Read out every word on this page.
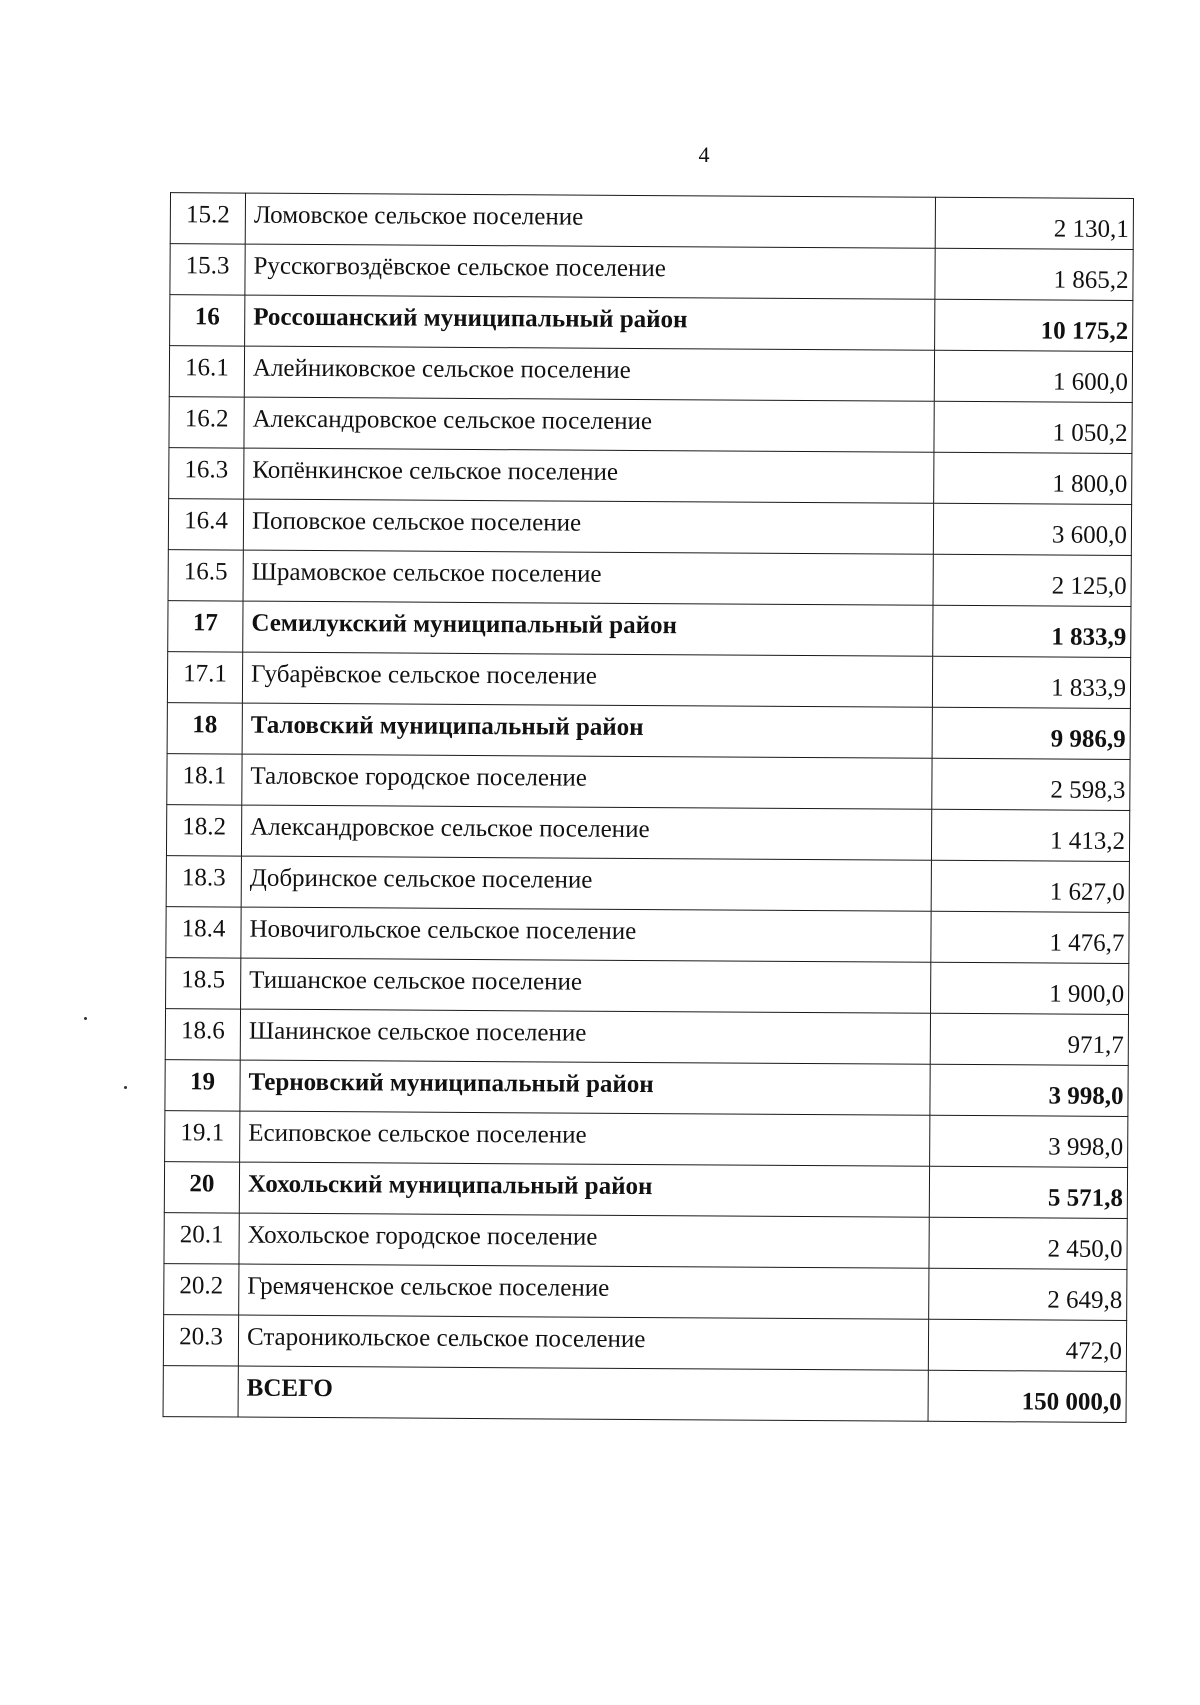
4
15.2	Ломовское сельское поселение	2 130,1
15.3	Русскогвоздёвское сельское поселение	1 865,2
16	Россошанский муниципальный район	10 175,2
16.1	Алейниковское сельское поселение	1 600,0
16.2	Александровское сельское поселение	1 050,2
16.3	Копёнкинское сельское поселение	1 800,0
16.4	Поповское сельское поселение	3 600,0
16.5	Шрамовское сельское поселение	2 125,0
17	Семилукский муниципальный район	1 833,9
17.1	Губарёвское сельское поселение	1 833,9
18	Таловский муниципальный район	9 986,9
18.1	Таловское городское поселение	2 598,3
18.2	Александровское сельское поселение	1 413,2
18.3	Добринское сельское поселение	1 627,0
18.4	Новочигольское сельское поселение	1 476,7
18.5	Тишанское сельское поселение	1 900,0
18.6	Шанинское сельское поселение	971,7
19	Терновский муниципальный район	3 998,0
19.1	Есиповское сельское поселение	3 998,0
20	Хохольский муниципальный район	5 571,8
20.1	Хохольское городское поселение	2 450,0
20.2	Гремяченское сельское поселение	2 649,8
20.3	Староникольское сельское поселение	472,0
	ВСЕГО	150 000,0
